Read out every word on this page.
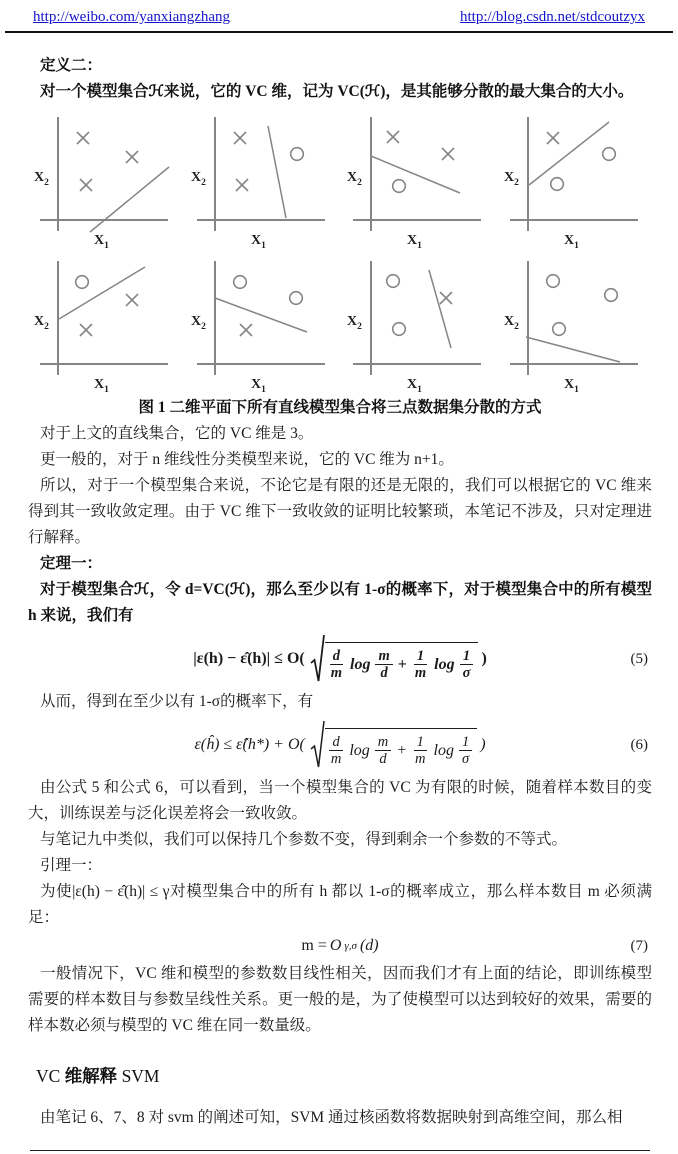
http://weibo.com/yanxiangzhang	http://blog.csdn.net/stdcoutzyx

定义二：

对一个模型集合ℋ来说，它的 VC 维，记为 VC(ℋ)，是其能够分散的最大集合的大小。

$X_2$
$X_1$
$X_2$
$X_1$
$X_2$
$X_1$
$X_2$
$X_1$
$X_2$
$X_1$
$X_2$
$X_1$
$X_2$
$X_1$
$X_2$
$X_1$

图 1 二维平面下所有直线模型集合将三点数据集分散的方式

对于上文的直线集合，它的 VC 维是 3。

更一般的，对于 n 维线性分类模型来说，它的 VC 维为 n+1。

所以，对于一个模型集合来说，不论它是有限的还是无限的，我们可以根据它的 VC 维来得到其一致收敛定理。由于 VC 维下一致收敛的证明比较繁琐，本笔记不涉及，只对定理进行解释。

定理一：

对于模型集合ℋ，令 d=VC(ℋ)，那么至少以有 1-σ的概率下，对于模型集合中的所有模型 h 来说，我们有

|ε(h) − ε̂(h)| ≤ $O( \frac{d}{m}$ $\log \frac{m}{d} + \frac{1}{m}$ $\log \frac{1}{\sigma}$ )	(5)

从而，得到在至少以有 1-σ的概率下，有

ε(ĥ) ≤ ε̂(h*) + $O( \frac{d}{m}$ $\log \frac{m}{d} + \frac{1}{m}$ $\log \frac{1}{\sigma}$ )	(6)

由公式 5 和公式 6，可以看到，当一个模型集合的 VC 为有限的时候，随着样本数目的变大，训练误差与泛化误差将会一致收敛。

与笔记九中类似，我们可以保持几个参数不变，得到剩余一个参数的不等式。

引理一：

为使|ε(h) − ε̂(h)| ≤ γ对模型集合中的所有 h 都以 1-σ的概率成立，那么样本数目 m 必须满足：

m = O γ,σ (d)	(7)

一般情况下，VC 维和模型的参数数目线性相关，因而我们才有上面的结论，即训练模型需要的样本数目与参数呈线性关系。更一般的是，为了使模型可以达到较好的效果，需要的样本数必须与模型的 VC 维在同一数量级。

VC 维解释 SVM

由笔记 6、7、8 对 svm 的阐述可知，SVM 通过核函数将数据映射到高维空间，那么相
